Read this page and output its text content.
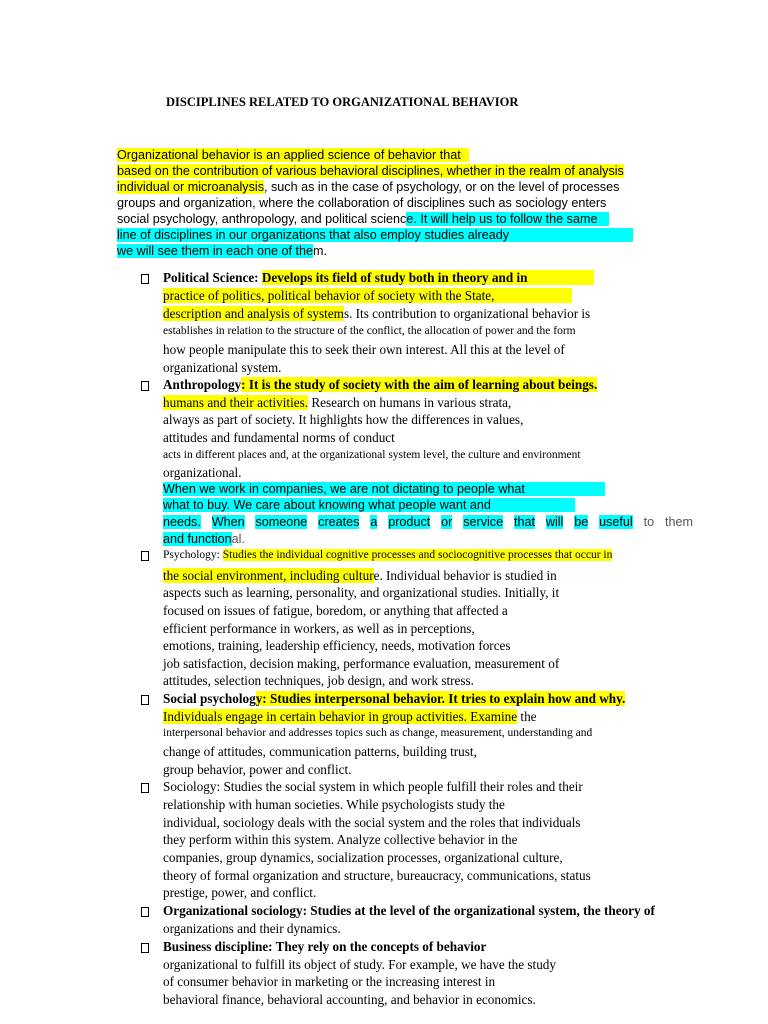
DISCIPLINES RELATED TO ORGANIZATIONAL BEHAVIOR
Organizational behavior is an applied science of behavior that
based on the contribution of various behavioral disciplines, whether in the realm of analysis
individual or microanalysis, such as in the case of psychology, or on the level of processes
groups and organization, where the collaboration of disciplines such as sociology enters
social psychology, anthropology, and political science. It will help us to follow the same
line of disciplines in our organizations that also employ studies already
we will see them in each one of them.
Political Science: Develops its field of study both in theory and in
practice of politics, political behavior of society with the State,
description and analysis of systems. Its contribution to organizational behavior is
establishes in relation to the structure of the conflict, the allocation of power and the form
how people manipulate this to seek their own interest. All this at the level of
organizational system.
Anthropology: It is the study of society with the aim of learning about beings.
humans and their activities. Research on humans in various strata,
always as part of society. It highlights how the differences in values,
attitudes and fundamental norms of conduct
acts in different places and, at the organizational system level, the culture and environment
organizational.
When we work in companies, we are not dictating to people what
what to buy. We care about knowing what people want and
needs. When someone creates a product or service that will be useful to them
and functional.
Psychology: Studies the individual cognitive processes and sociocognitive processes that occur in
the social environment, including culture. Individual behavior is studied in
aspects such as learning, personality, and organizational studies. Initially, it
focused on issues of fatigue, boredom, or anything that affected a
efficient performance in workers, as well as in perceptions,
emotions, training, leadership efficiency, needs, motivation forces
job satisfaction, decision making, performance evaluation, measurement of
attitudes, selection techniques, job design, and work stress.
Social psychology: Studies interpersonal behavior. It tries to explain how and why.
Individuals engage in certain behavior in group activities. Examine the
interpersonal behavior and addresses topics such as change, measurement, understanding and
change of attitudes, communication patterns, building trust,
group behavior, power and conflict.
Sociology: Studies the social system in which people fulfill their roles and their
relationship with human societies. While psychologists study the
individual, sociology deals with the social system and the roles that individuals
they perform within this system. Analyze collective behavior in the
companies, group dynamics, socialization processes, organizational culture,
theory of formal organization and structure, bureaucracy, communications, status
prestige, power, and conflict.
Organizational sociology: Studies at the level of the organizational system, the theory of
organizations and their dynamics.
Business discipline: They rely on the concepts of behavior
organizational to fulfill its object of study. For example, we have the study
of consumer behavior in marketing or the increasing interest in
behavioral finance, behavioral accounting, and behavior in economics.
